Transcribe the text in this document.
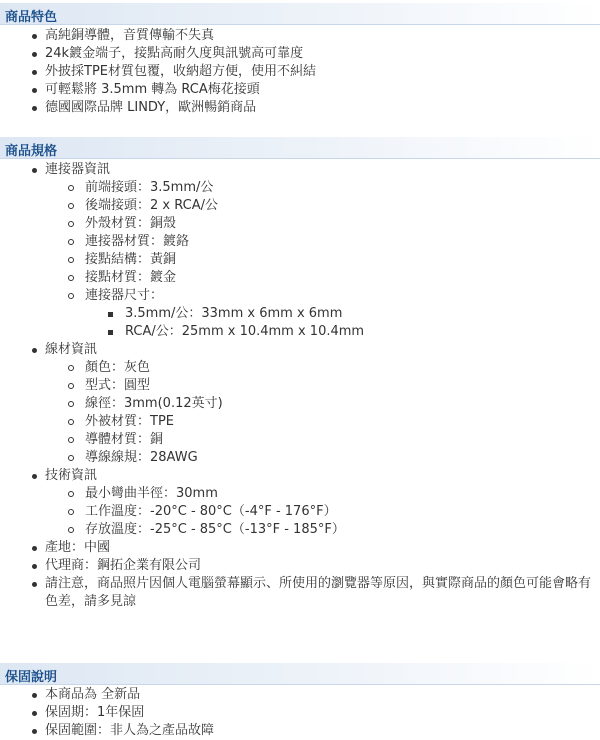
商品特色
高純銅導體，音質傳輸不失真
24k鍍金端子，接點高耐久度與訊號高可靠度
外披採TPE材質包覆，收納超方便，使用不糾結
可輕鬆將 3.5mm 轉為 RCA梅花接頭
德國國際品牌 LINDY，歐洲暢銷商品
商品規格
連接器資訊
前端接頭：3.5mm/公
後端接頭：2 x RCA/公
外殼材質：銅殼
連接器材質：鍍鉻
接點結構：黃銅
接點材質：鍍金
連接器尺寸：
3.5mm/公：33mm x 6mm x 6mm
RCA/公：25mm x 10.4mm x 10.4mm
線材資訊
顏色：灰色
型式：圓型
線徑：3mm(0.12英寸)
外被材質：TPE
導體材質：銅
導線線規：28AWG
技術資訊
最小彎曲半徑：30mm
工作溫度：-20°C - 80°C（-4°F - 176°F）
存放溫度：-25°C - 85°C（-13°F - 185°F）
產地：中國
代理商：鋼拓企業有限公司
請注意，商品照片因個人電腦螢幕顯示、所使用的瀏覽器等原因，與實際商品的顏色可能會略有色差，請多見諒
保固說明
本商品為 全新品
保固期：1年保固
保固範圍：非人為之產品故障
